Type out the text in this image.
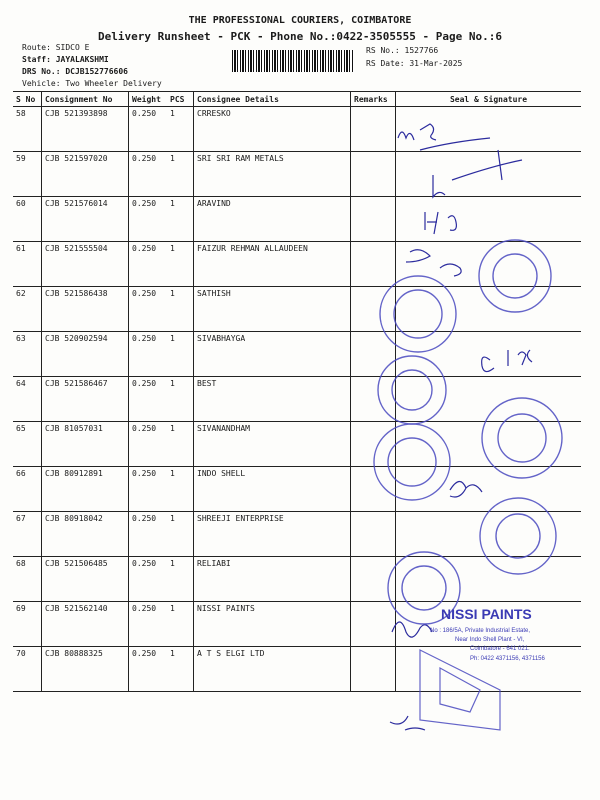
THE PROFESSIONAL COURIERS, COIMBATORE
Delivery Runsheet - PCK - Phone No.:0422-3505555 - Page No.:6
Route: SIDCO E
Staff: JAYALAKSHMI
DRS No.: DCJB152776606
Vehicle: Two Wheeler Delivery
RS No.: 1527766
RS Date: 31-Mar-2025
S No	Consignment No	Weight	PCS	Consignee Details	Remarks	Seal & Signature
58	CJB 521393898	0.250	1	CRRESKO		
59	CJB 521597020	0.250	1	SRI SRI RAM METALS		
60	CJB 521576014	0.250	1	ARAVIND		
61	CJB 521555504	0.250	1	FAIZUR REHMAN ALLAUDEEN		
62	CJB 521586438	0.250	1	SATHISH		
63	CJB 520902594	0.250	1	SIVABHAYGA		
64	CJB 521586467	0.250	1	BEST		
65	CJB 81057031	0.250	1	SIVANANDHAM		
66	CJB 80912891	0.250	1	INDO SHELL		
67	CJB 80918042	0.250	1	SHREEJI ENTERPRISE		
68	CJB 521506485	0.250	1	RELIABI		
69	CJB 521562140	0.250	1	NISSI PAINTS		
70	CJB 80888325	0.250	1	A T S ELGI LTD		
NISSI PAINTS
No : 186/5A, Private Industrial Estate,
Near Indo Shell Plant - VI,
Coimbatore - 641 021.
Ph: 0422 4371156, 4371156
